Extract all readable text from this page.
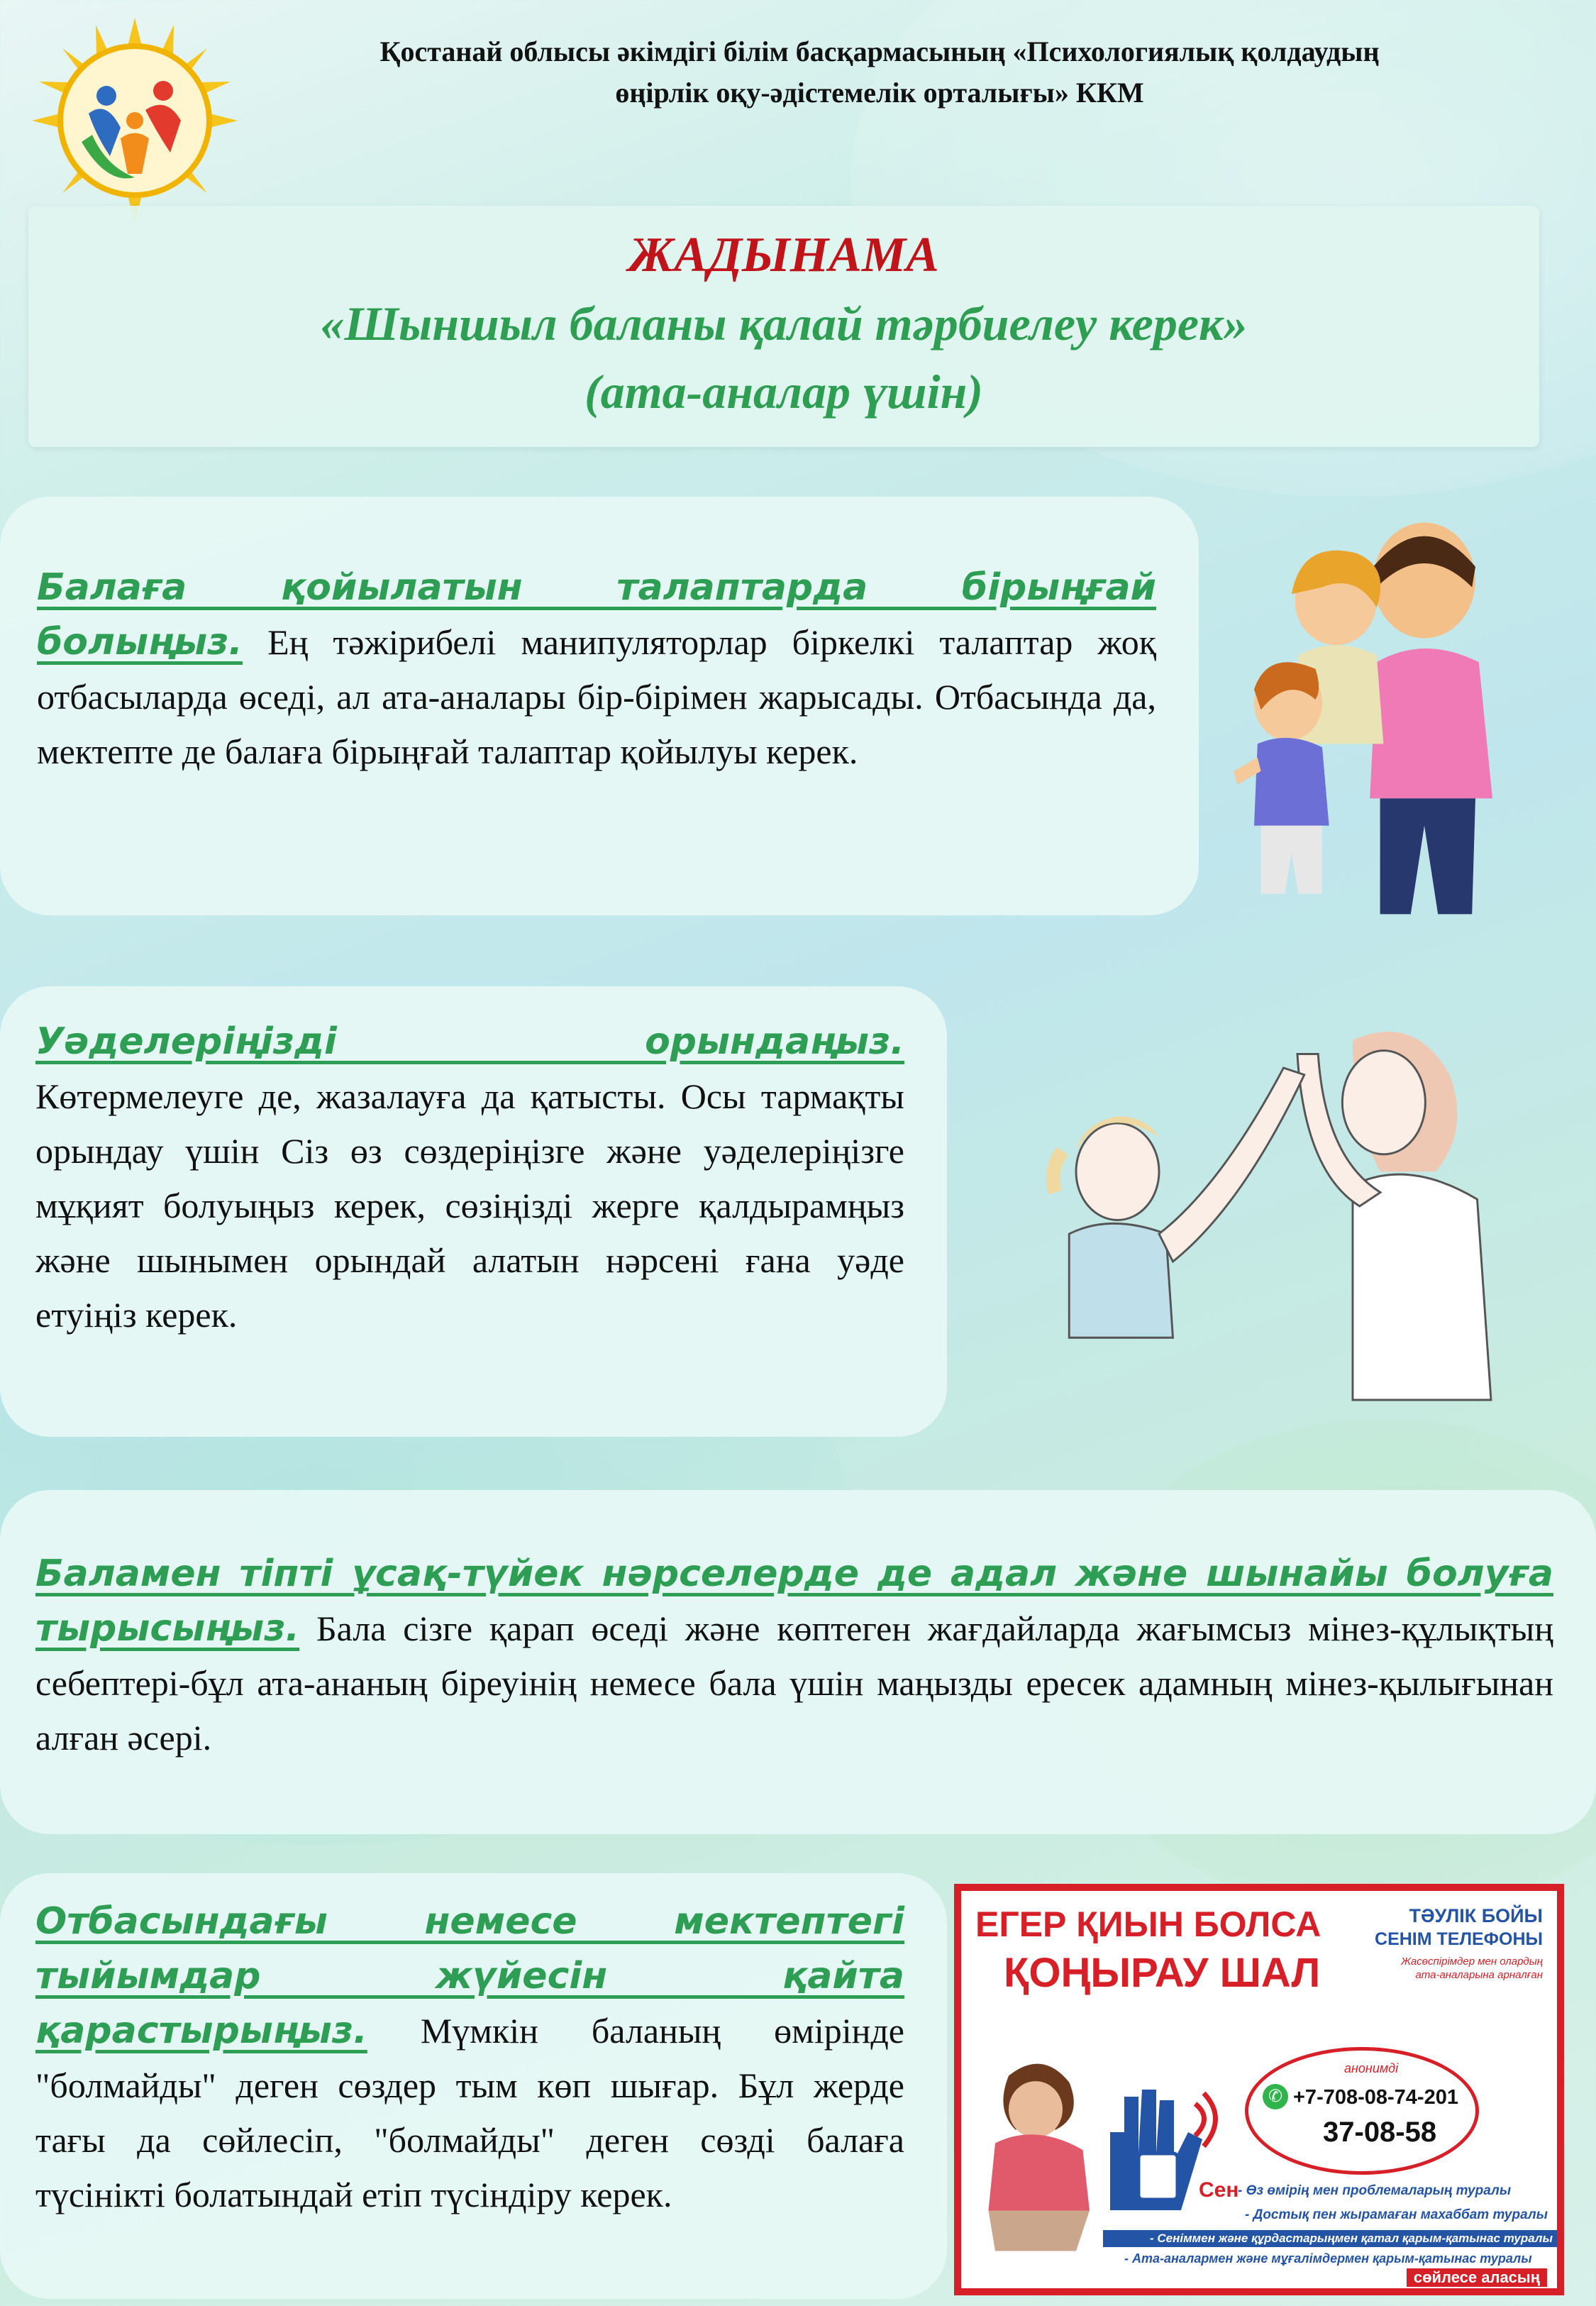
Қостанай облысы әкімдігі білім басқармасының «Психологиялық қолдаудың
өңірлік оқу-әдістемелік орталығы» ККМ
ЖАДЫНАМА
«Шыншыл баланы қалай тәрбиелеу керек»
(ата-аналар үшін)
Балаға қойылатын талаптарда бірыңғай болыңыз. Ең тәжірибелі манипуляторлар біркелкі талаптар жоқ отбасыларда өседі, ал ата-аналары бір-бірімен жарысады. Отбасында да, мектепте де балаға бірыңғай талаптар қойылуы керек.
Уәделеріңізді орындаңыз. Көтермелеуге де, жазалауға да қатысты. Осы тармақты орындау үшін Сіз өз сөздеріңізге және уәделеріңізге мұқият болуыңыз керек, сөзіңізді жерге қалдырамңыз және шынымен орындай алатын нәрсені ғана уәде етуіңіз керек.
Баламен тіпті ұсақ-түйек нәрселерде де адал және шынайы болуға тырысыңыз. Бала сізге қарап өседі және көптеген жағдайларда жағымсыз мінез-құлықтың себептері-бұл ата-ананың біреуінің немесе бала үшін маңызды ересек адамның мінез-қылығынан алған әсері.
Отбасындағы немесе мектептегі тыйымдар жүйесін қайта қарастырыңыз. Мүмкін баланың өмірінде "болмайды" деген сөздер тым көп шығар. Бұл жерде тағы да сөйлесіп, "болмайды" деген сөзді балаға түсінікті болатындай етіп түсіндіру керек.
ЕГЕР ҚИЫН БОЛСА
ҚОҢЫРАУ ШАЛ
ТӘУЛІК БОЙЫ
СЕНІМ ТЕЛЕФОНЫ
Жасөспірімдер мен олардың ата-аналарына арналған
анонимді
✆ +7-708-08-74-201
37-08-58
Сен
- Өз өмірің мен проблемаларың туралы
- Достық пен жырамаған махаббат туралы
- Сеніммен және құрдастарыңмен қатал қарым-қатынас туралы
- Ата-аналармен және мұғалімдермен қарым-қатынас туралы
сөйлесе аласың
